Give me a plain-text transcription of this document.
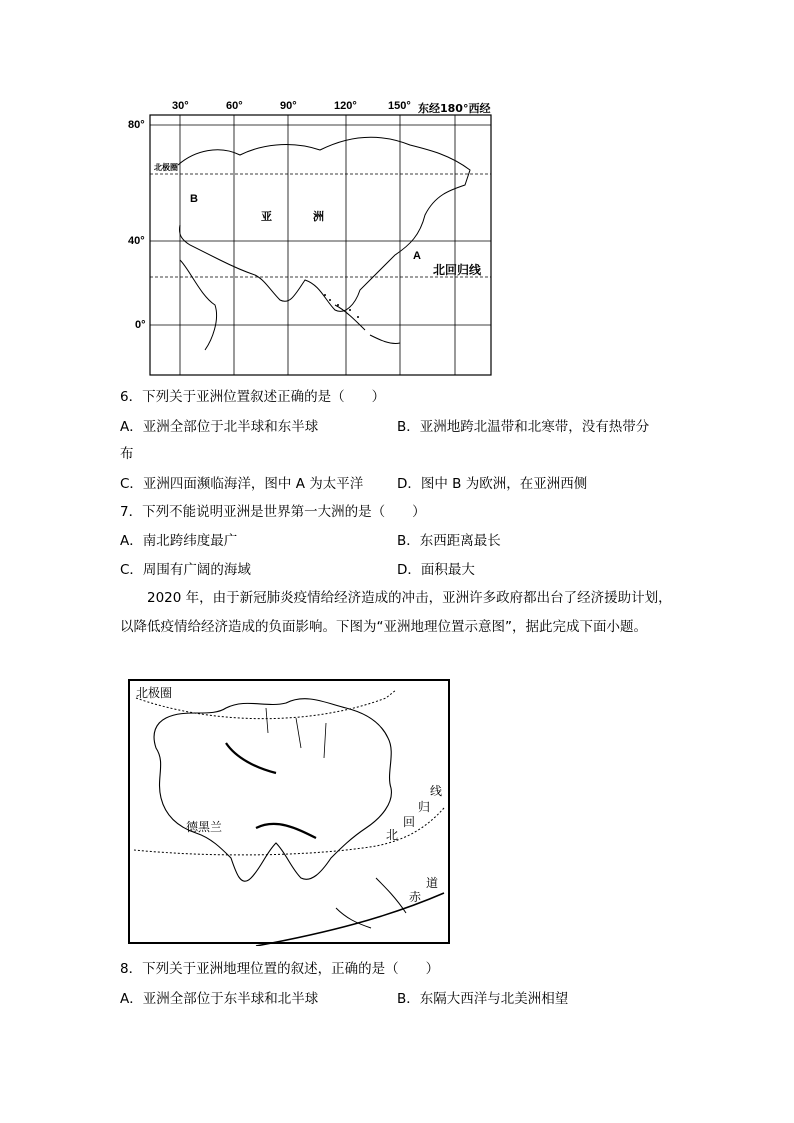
30°	60°	90°	120°	150° 东经180°西经
80°
40°
0°
北极圈
B
亚	洲
A
北回归线
6．下列关于亚洲位置叙述正确的是（　　）
A．亚洲全部位于北半球和东半球	B．亚洲地跨北温带和北寒带，没有热带分
布
C．亚洲四面濒临海洋，图中 A 为太平洋	D．图中 B 为欧洲，在亚洲西侧
7．下列不能说明亚洲是世界第一大洲的是（　　）
A．南北跨纬度最广	B．东西距离最长
C．周围有广阔的海域	D．面积最大
2020 年，由于新冠肺炎疫情给经济造成的冲击，亚洲许多政府都出台了经济援助计划，以降低疫情给经济造成的负面影响。下图为“亚洲地理位置示意图”，据此完成下面小题。
北极圈
德黑兰
北
回
归
线
赤
道
8．下列关于亚洲地理位置的叙述，正确的是（　　）
A．亚洲全部位于东半球和北半球	B．东隔大西洋与北美洲相望
